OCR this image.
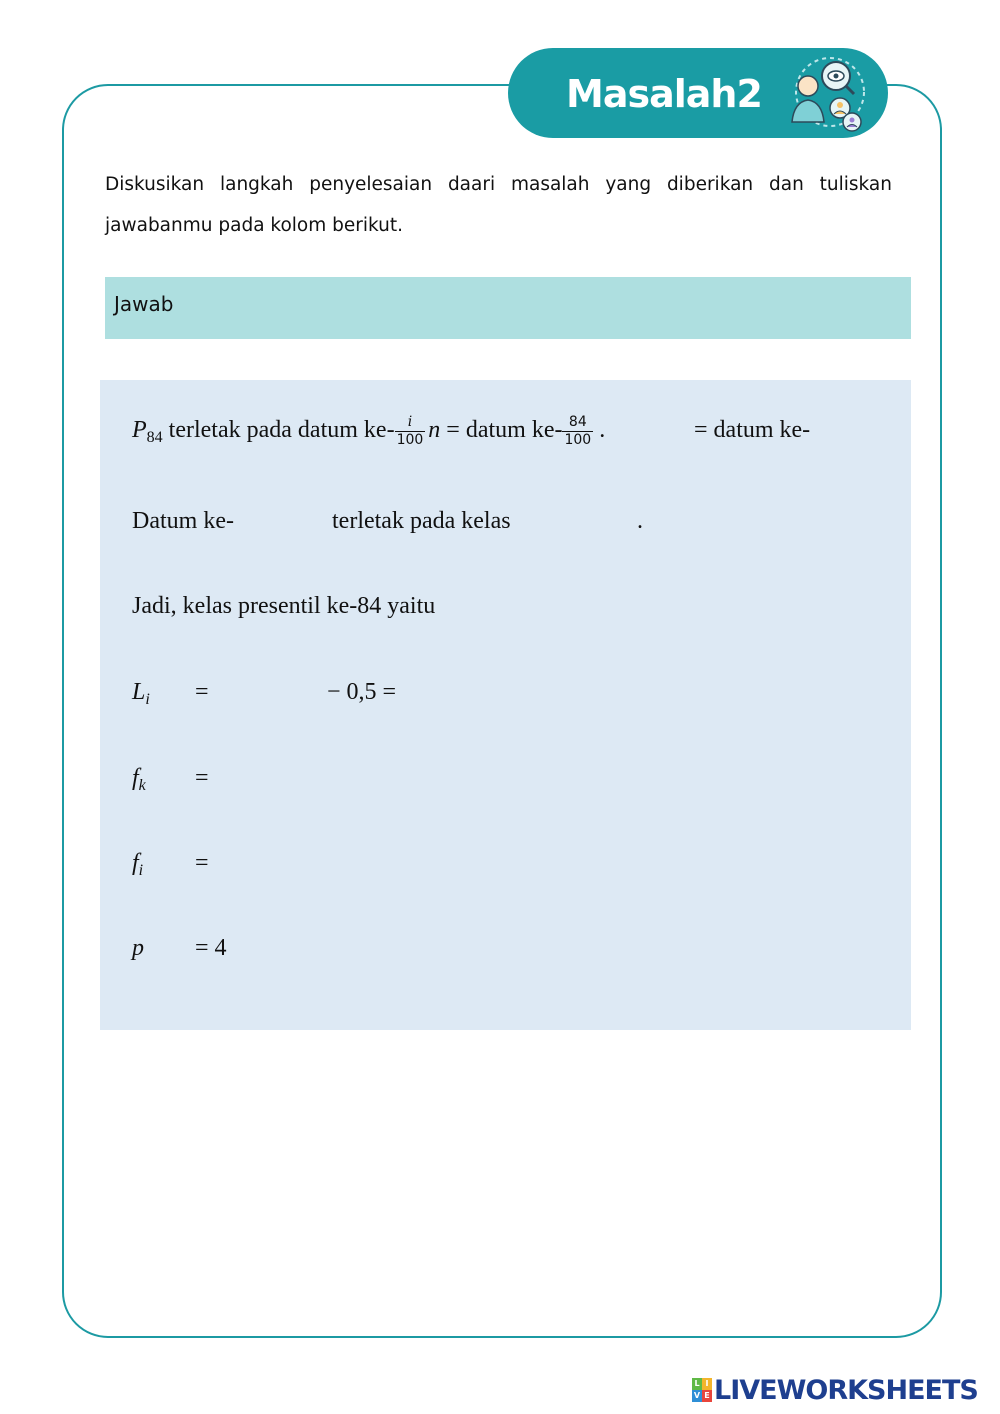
Masalah2
Diskusikan langkah penyelesaian daari masalah yang diberikan dan tuliskan jawabanmu pada kolom berikut.
Jawab
$P_{84}$ terletak pada datum $ke- \frac{i}{100}$ n = datum $ke- \frac{84}{100}$ .	= datum ke-
Datum ke-	terletak pada kelas	.
Jadi, kelas presentil ke-84 yaitu
$L_i$ =	− 0,5 =
$f_k$ =
$f_i$ =
p = 4
L I
V E LIVEWORKSHEETS
